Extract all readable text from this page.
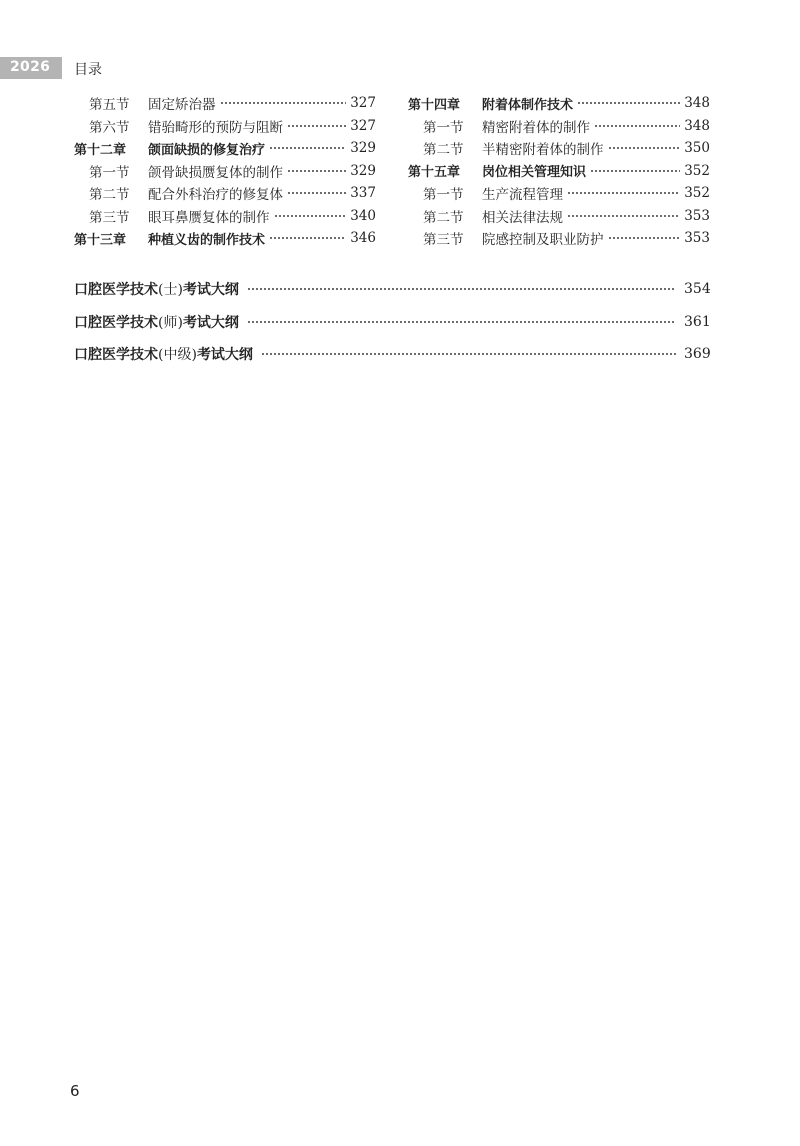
2026 目录
第五节	固定矫治器	327
第六节	错骀畸形的预防与阻断	327
第十二章	颌面缺损的修复治疗	329
第一节	颌骨缺损赝复体的制作	329
第二节	配合外科治疗的修复体	337
第三节	眼耳鼻赝复体的制作	340
第十三章	种植义齿的制作技术	346
第十四章	附着体制作技术	348
第一节	精密附着体的制作	348
第二节	半精密附着体的制作	350
第十五章	岗位相关管理知识	352
第一节	生产流程管理	352
第二节	相关法律法规	353
第三节	院感控制及职业防护	353
口腔医学技术(士)考试大纲	354
口腔医学技术(师)考试大纲	361
口腔医学技术(中级)考试大纲	369
6
